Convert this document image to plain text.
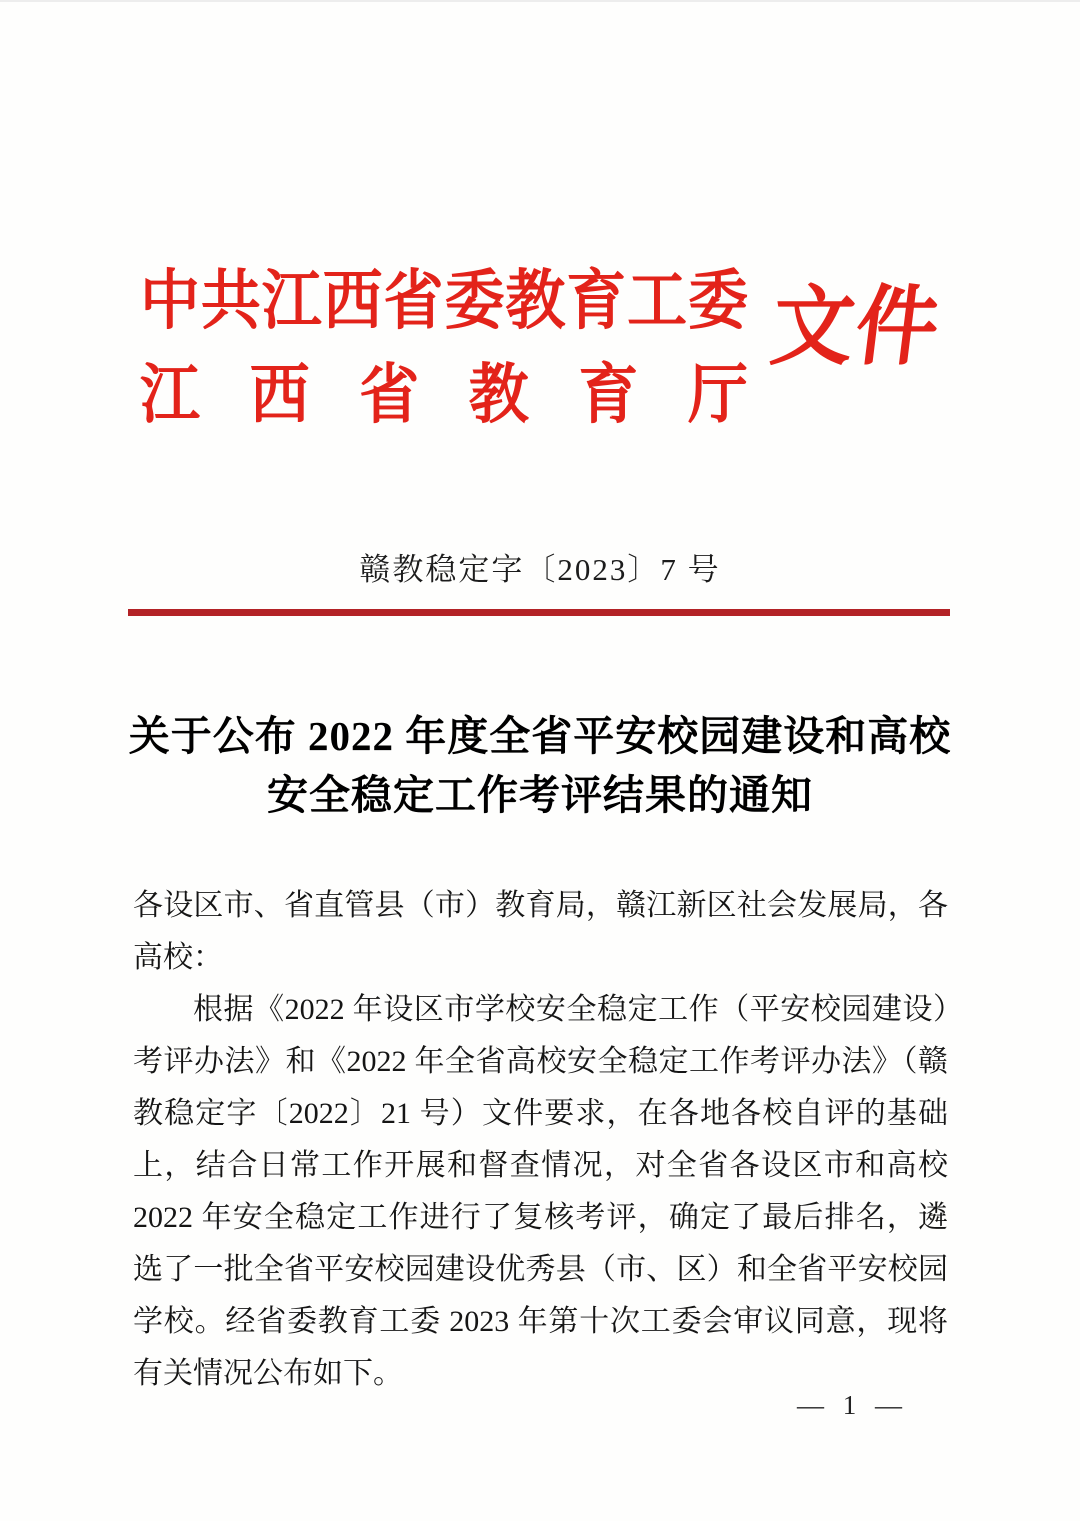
中共江西省委教育工委
江西省教育厅
文件
赣教稳定字〔2023〕7 号
关于公布 2022 年度全省平安校园建设和高校
安全稳定工作考评结果的通知

各设区市、省直管县（市）教育局，赣江新区社会发展局，各高校：

根据《2022 年设区市学校安全稳定工作（平安校园建设）考评办法》和《2022 年全省高校安全稳定工作考评办法》（赣教稳定字〔2022〕21 号）文件要求，在各地各校自评的基础上，结合日常工作开展和督查情况，对全省各设区市和高校 2022 年安全稳定工作进行了复核考评，确定了最后排名，遴选了一批全省平安校园建设优秀县（市、区）和全省平安校园学校。经省委教育工委 2023 年第十次工委会审议同意，现将有关情况公布如下。

— 1 —
